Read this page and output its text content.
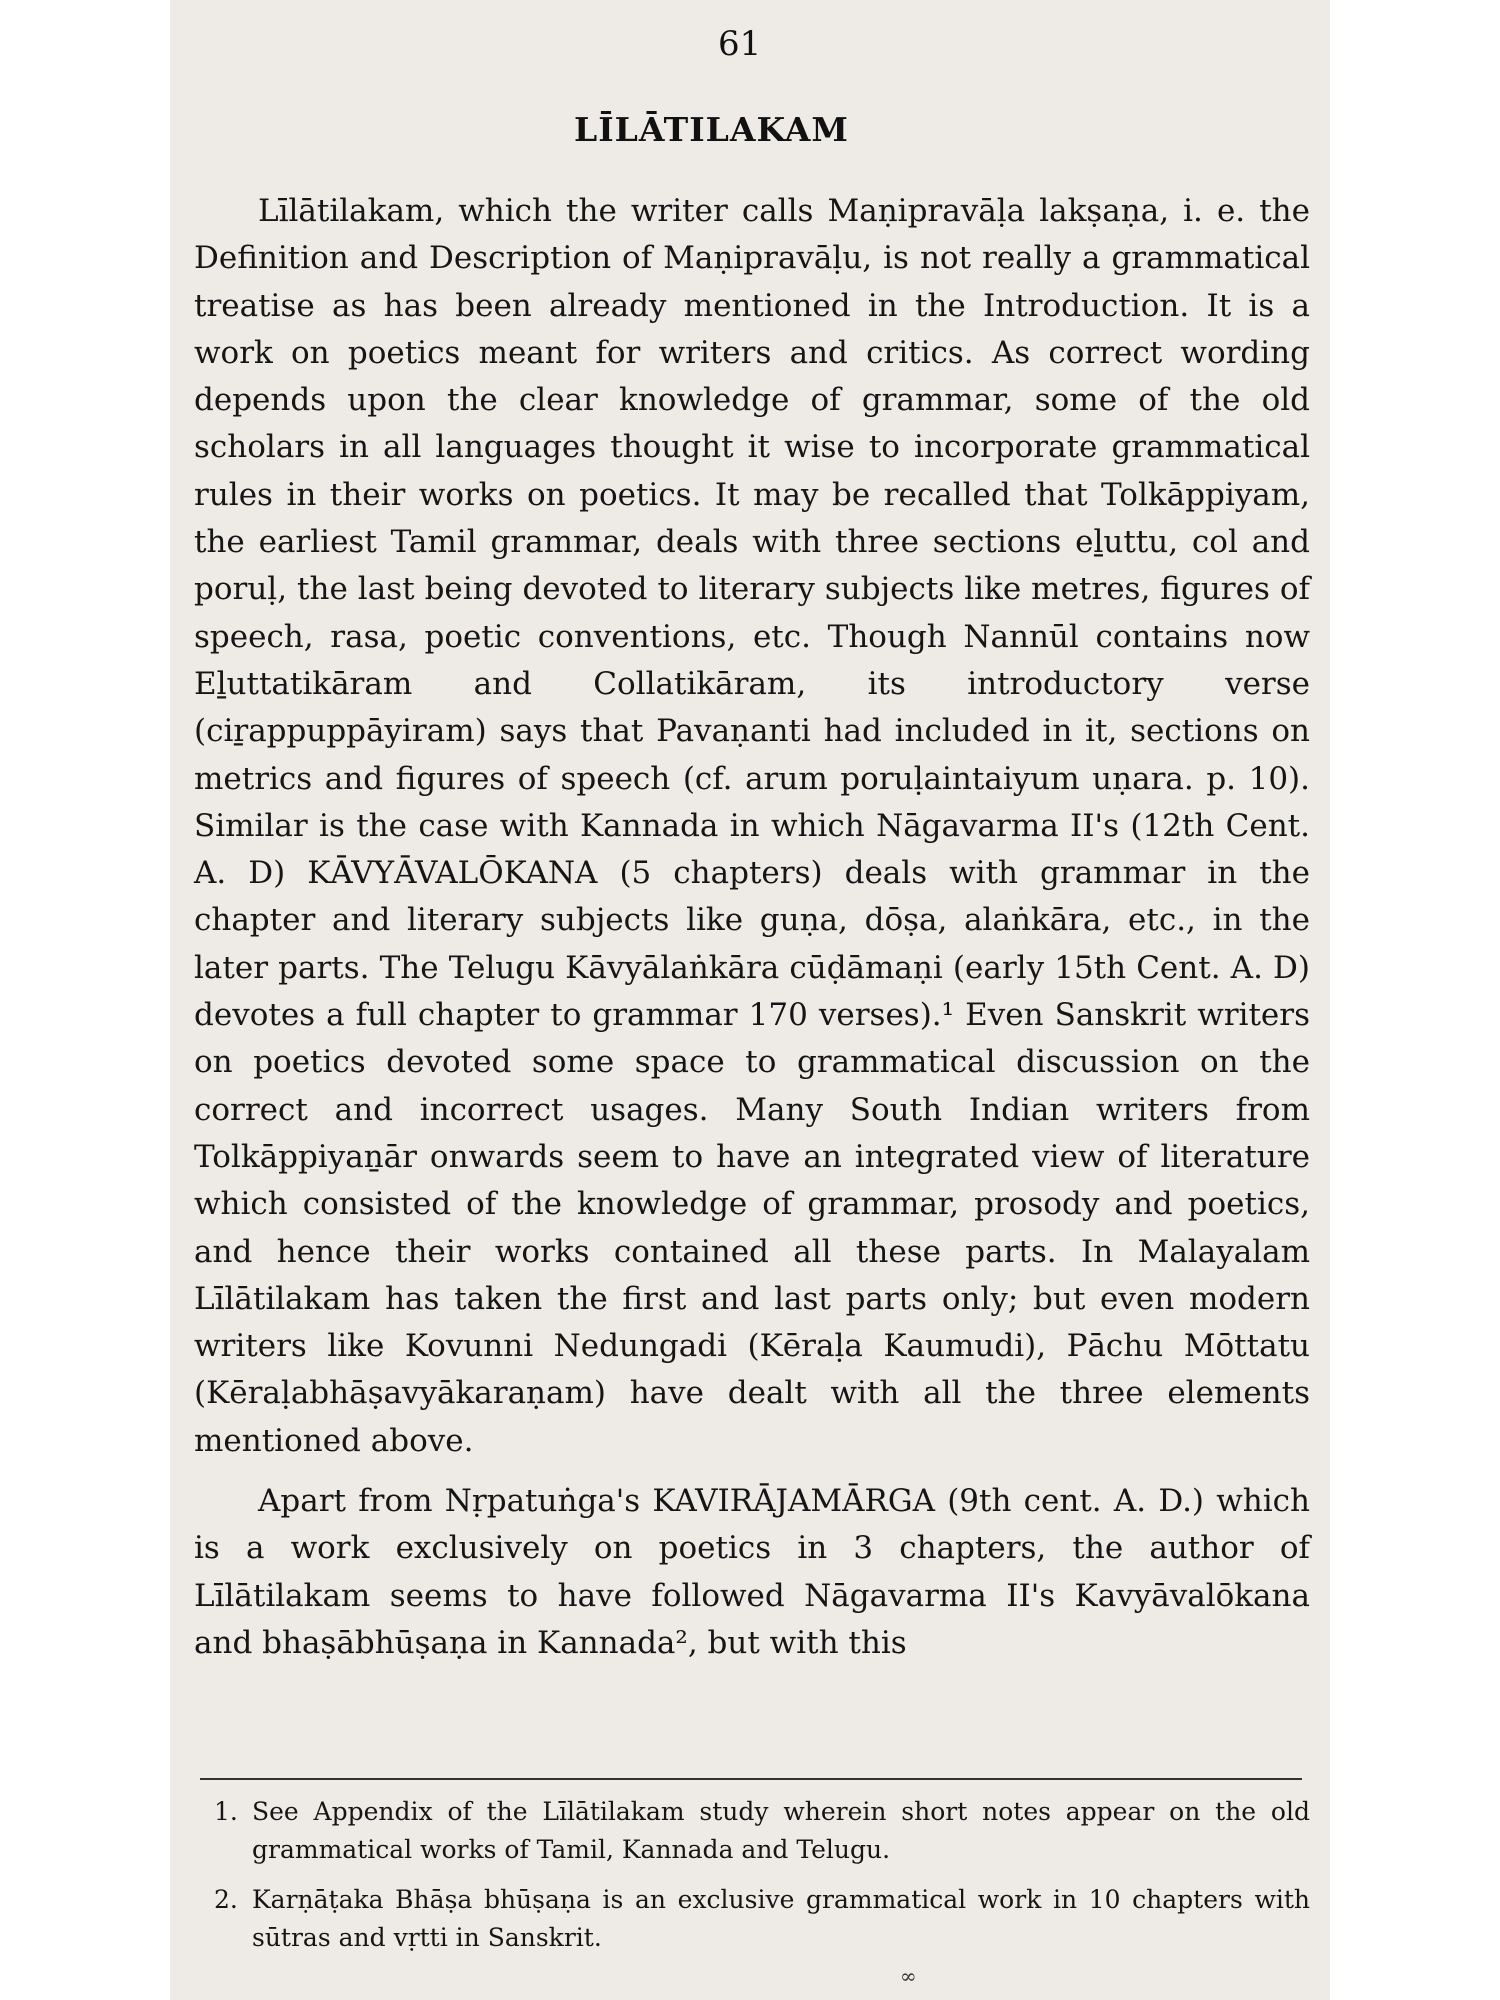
61
LĪLĀTILAKAM

Līlātilakam, which the writer calls Maṇipravāḷa lakṣaṇa, i. e. the Definition and Description of Maṇipravāḷu, is not really a grammatical treatise as has been already mentioned in the Introduction. It is a work on poetics meant for writers and critics. As correct wording depends upon the clear knowledge of grammar, some of the old scholars in all languages thought it wise to incorporate grammatical rules in their works on poetics. It may be recalled that Tolkāppiyam, the earliest Tamil grammar, deals with three sections eḻuttu, col and poruḷ, the last being devoted to literary subjects like metres, figures of speech, rasa, poetic conventions, etc. Though Nannūl contains now Eḻuttatikāram and Collatikāram, its introductory verse (ciṟappuppāyiram) says that Pavaṇanti had included in it, sections on metrics and figures of speech (cf. arum poruḷaintaiyum uṇara. p. 10). Similar is the case with Kannada in which Nāgavarma II's (12th Cent. A. D) KĀVYĀVALŌKANA (5 chapters) deals with grammar in the chapter and literary subjects like guṇa, dōṣa, alaṅkāra, etc., in the later parts. The Telugu Kāvyālaṅkāra cūḍāmaṇi (early 15th Cent. A. D) devotes a full chapter to grammar 170 verses).¹ Even Sanskrit writers on poetics devoted some space to grammatical discussion on the correct and incorrect usages. Many South Indian writers from Tolkāppiyaṉār onwards seem to have an integrated view of literature which consisted of the knowledge of grammar, prosody and poetics, and hence their works contained all these parts. In Malayalam Līlātilakam has taken the first and last parts only; but even modern writers like Kovunni Nedungadi (Kēraḷa Kaumudi), Pāchu Mōttatu (Kēraḷabhāṣavyākaraṇam) have dealt with all the three elements mentioned above.

Apart from Nṛpatuṅga's KAVIRĀJAMĀRGA (9th cent. A. D.) which is a work exclusively on poetics in 3 chapters, the author of Līlātilakam seems to have followed Nāgavarma II's Kavyāvalōkana and bhaṣābhūṣaṇa in Kannada², but with this

1. See Appendix of the Līlātilakam study wherein short notes appear on the old grammatical works of Tamil, Kannada and Telugu.
2. Karṇāṭaka Bhāṣa bhūṣaṇa is an exclusive grammatical work in 10 chapters with sūtras and vṛtti in Sanskrit.
∞
